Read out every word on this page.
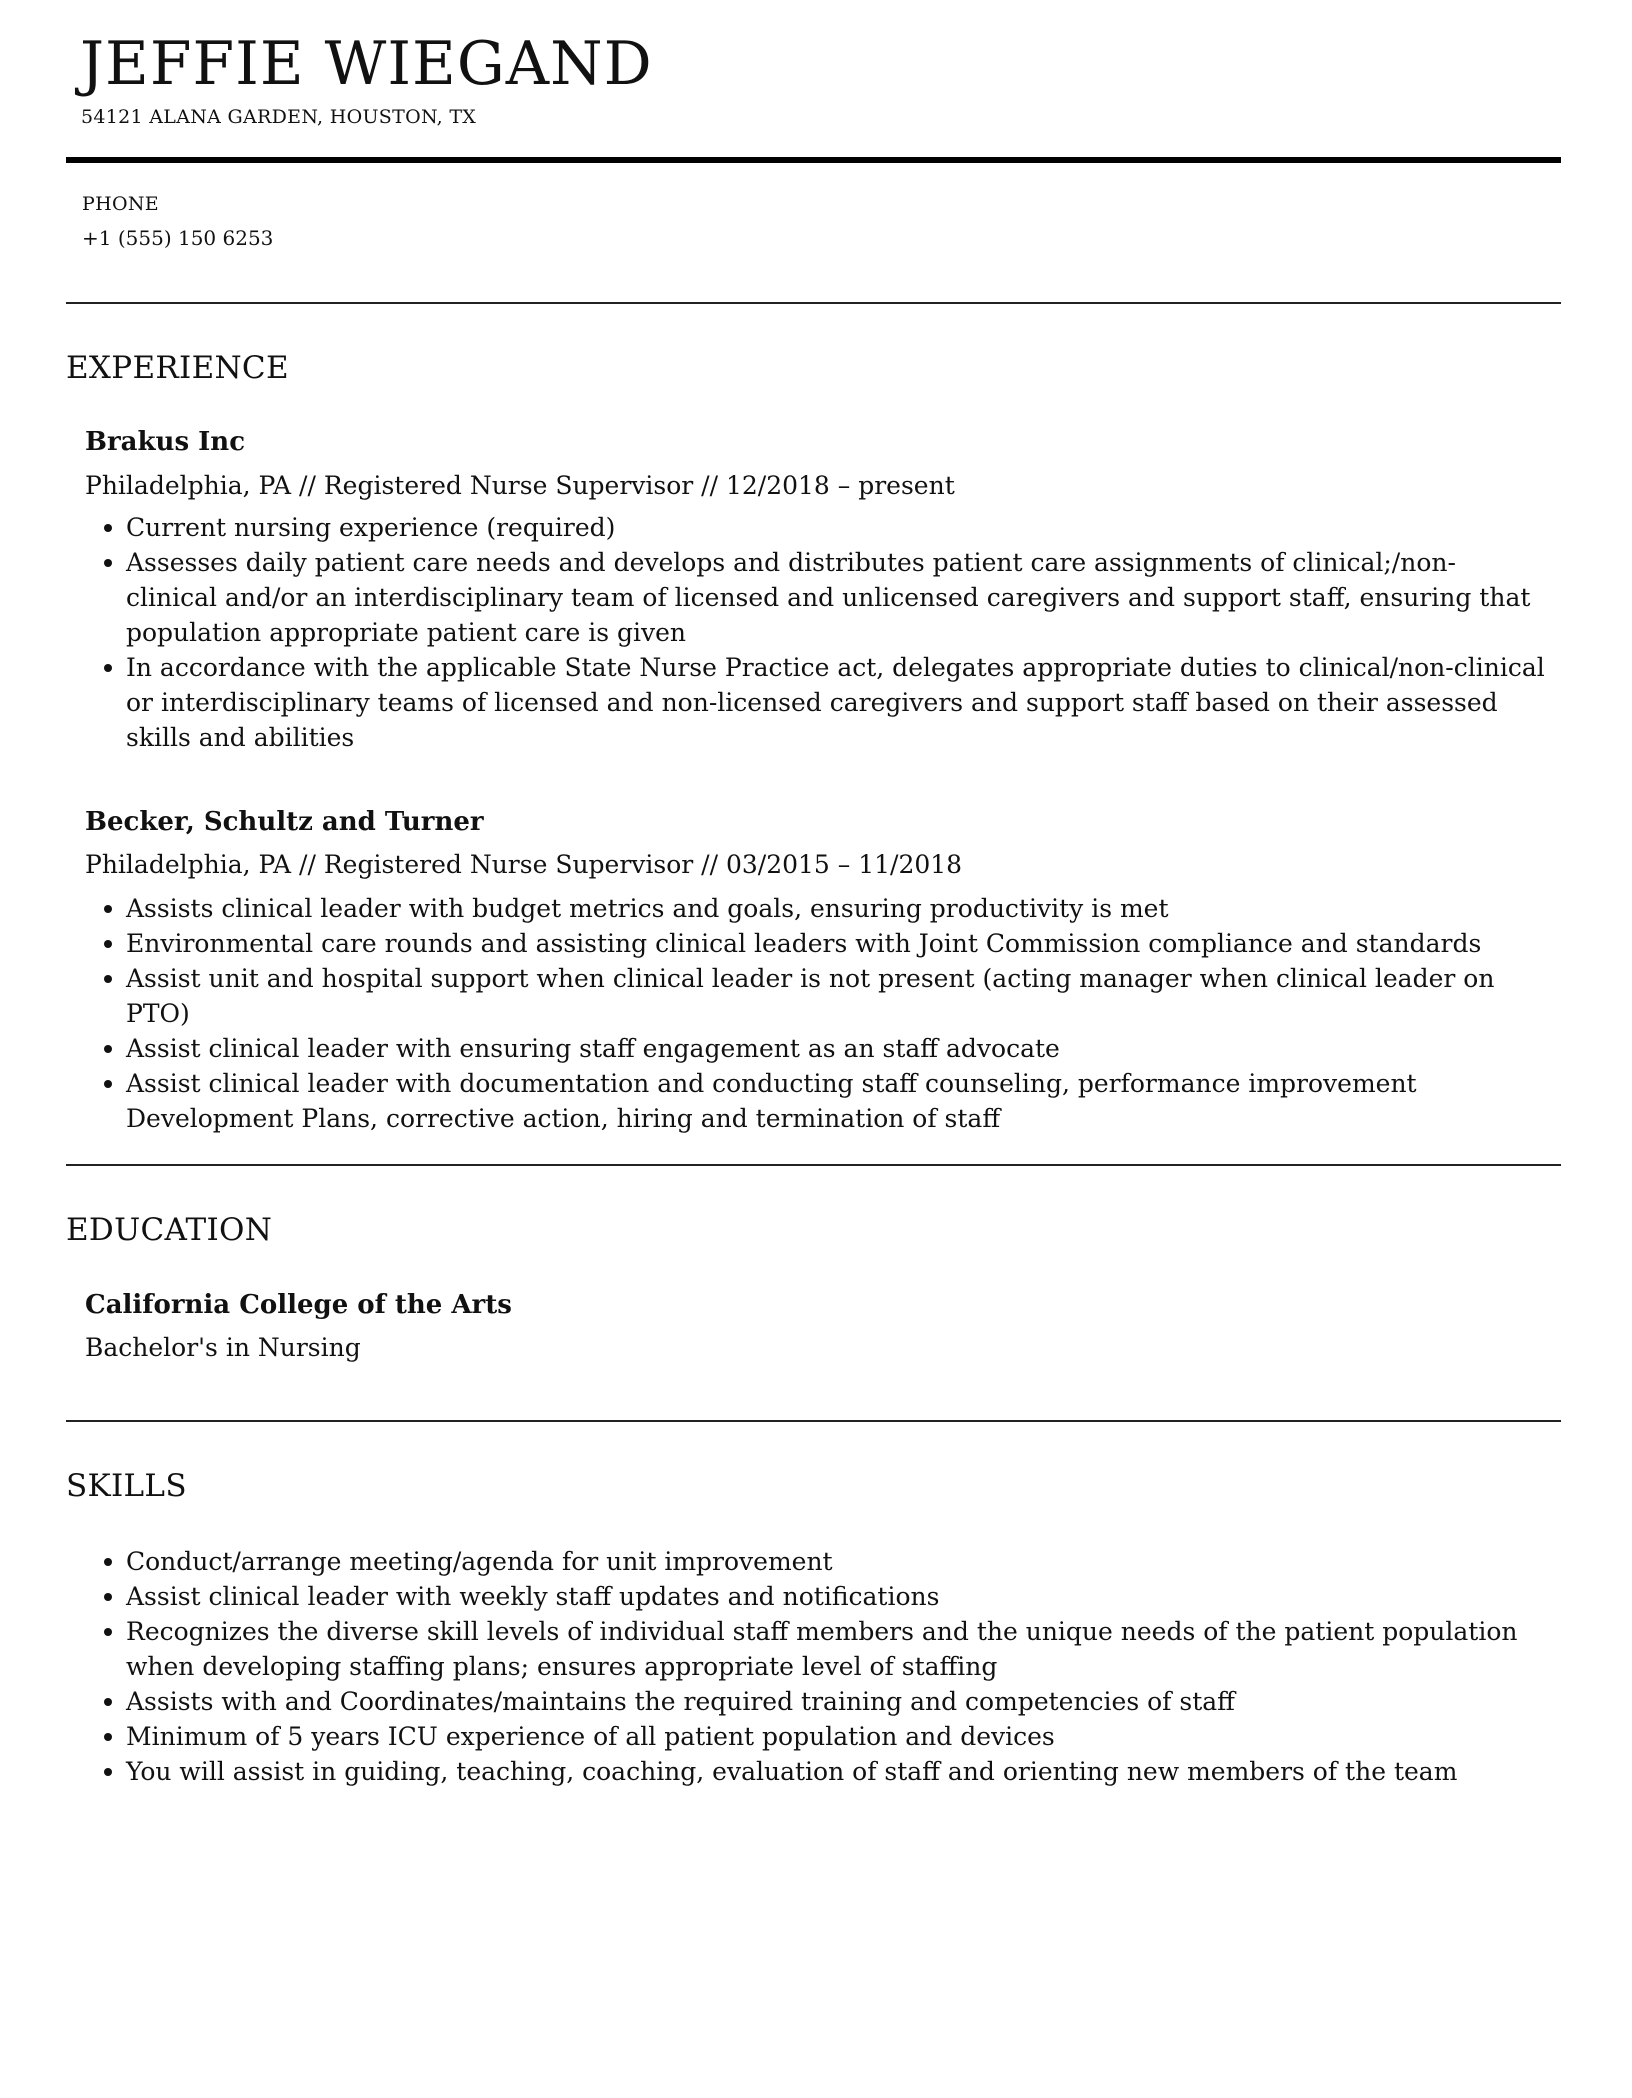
JEFFIE WIEGAND
54121 ALANA GARDEN, HOUSTON, TX
PHONE
+1 (555) 150 6253
EXPERIENCE
Brakus Inc
Philadelphia, PA // Registered Nurse Supervisor // 12/2018 – present
Current nursing experience (required)
Assesses daily patient care needs and develops and distributes patient care assignments of clinical;/non-clinical and/or an interdisciplinary team of licensed and unlicensed caregivers and support staff, ensuring that population appropriate patient care is given
In accordance with the applicable State Nurse Practice act, delegates appropriate duties to clinical/non-clinical or interdisciplinary teams of licensed and non-licensed caregivers and support staff based on their assessed skills and abilities
Becker, Schultz and Turner
Philadelphia, PA // Registered Nurse Supervisor // 03/2015 – 11/2018
Assists clinical leader with budget metrics and goals, ensuring productivity is met
Environmental care rounds and assisting clinical leaders with Joint Commission compliance and standards
Assist unit and hospital support when clinical leader is not present (acting manager when clinical leader on PTO)
Assist clinical leader with ensuring staff engagement as an staff advocate
Assist clinical leader with documentation and conducting staff counseling, performance improvement Development Plans, corrective action, hiring and termination of staff
EDUCATION
California College of the Arts
Bachelor's in Nursing
SKILLS
Conduct/arrange meeting/agenda for unit improvement
Assist clinical leader with weekly staff updates and notifications
Recognizes the diverse skill levels of individual staff members and the unique needs of the patient population when developing staffing plans; ensures appropriate level of staffing
Assists with and Coordinates/maintains the required training and competencies of staff
Minimum of 5 years ICU experience of all patient population and devices
You will assist in guiding, teaching, coaching, evaluation of staff and orienting new members of the team
